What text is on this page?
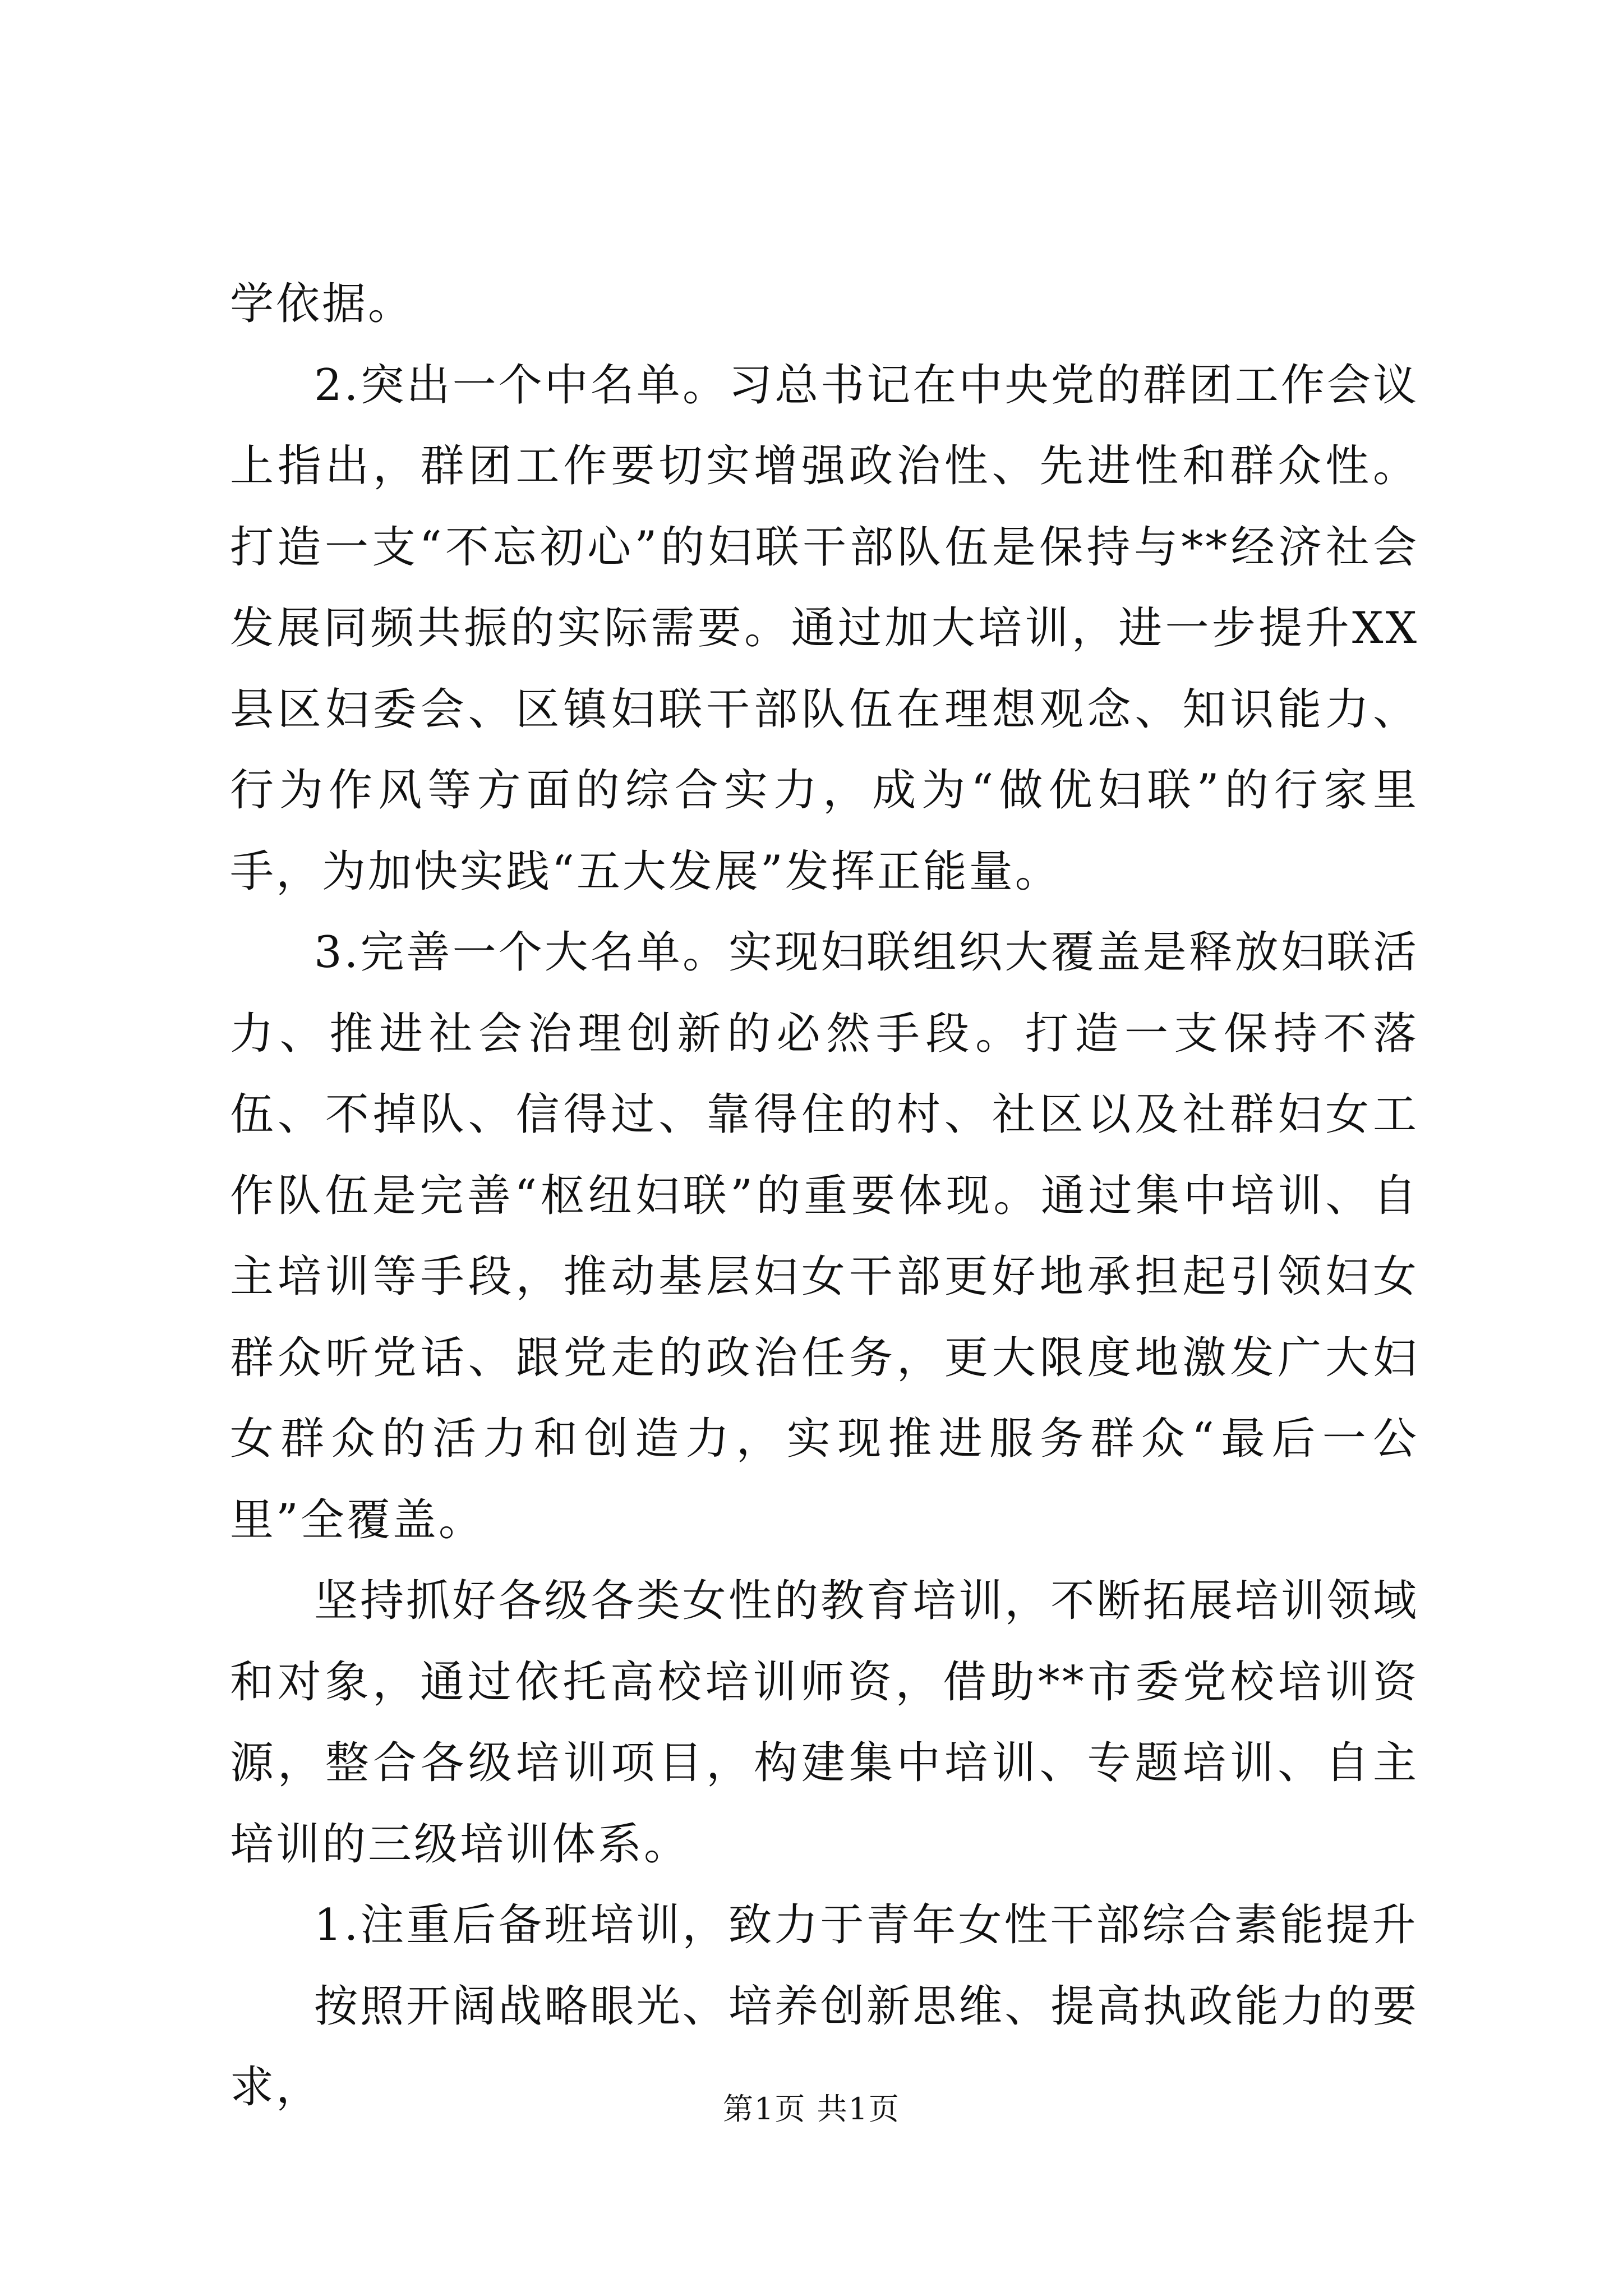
学依据。

2.突出一个中名单。习总书记在中央党的群团工作会议上指出，群团工作要切实增强政治性、先进性和群众性。打造一支“不忘初心”的妇联干部队伍是保持与**经济社会发展同频共振的实际需要。通过加大培训，进一步提升XX县区妇委会、区镇妇联干部队伍在理想观念、知识能力、行为作风等方面的综合实力，成为“做优妇联”的行家里手，为加快实践“五大发展”发挥正能量。

3.完善一个大名单。实现妇联组织大覆盖是释放妇联活力、推进社会治理创新的必然手段。打造一支保持不落伍、不掉队、信得过、靠得住的村、社区以及社群妇女工作队伍是完善“枢纽妇联”的重要体现。通过集中培训、自主培训等手段，推动基层妇女干部更好地承担起引领妇女群众听党话、跟党走的政治任务，更大限度地激发广大妇女群众的活力和创造力，实现推进服务群众“最后一公里”全覆盖。

坚持抓好各级各类女性的教育培训，不断拓展培训领域和对象，通过依托高校培训师资，借助**市委党校培训资源，整合各级培训项目，构建集中培训、专题培训、自主培训的三级培训体系。

1.注重后备班培训，致力于青年女性干部综合素能提升

按照开阔战略眼光、培养创新思维、提高执政能力的要求，	第1页 共1页
